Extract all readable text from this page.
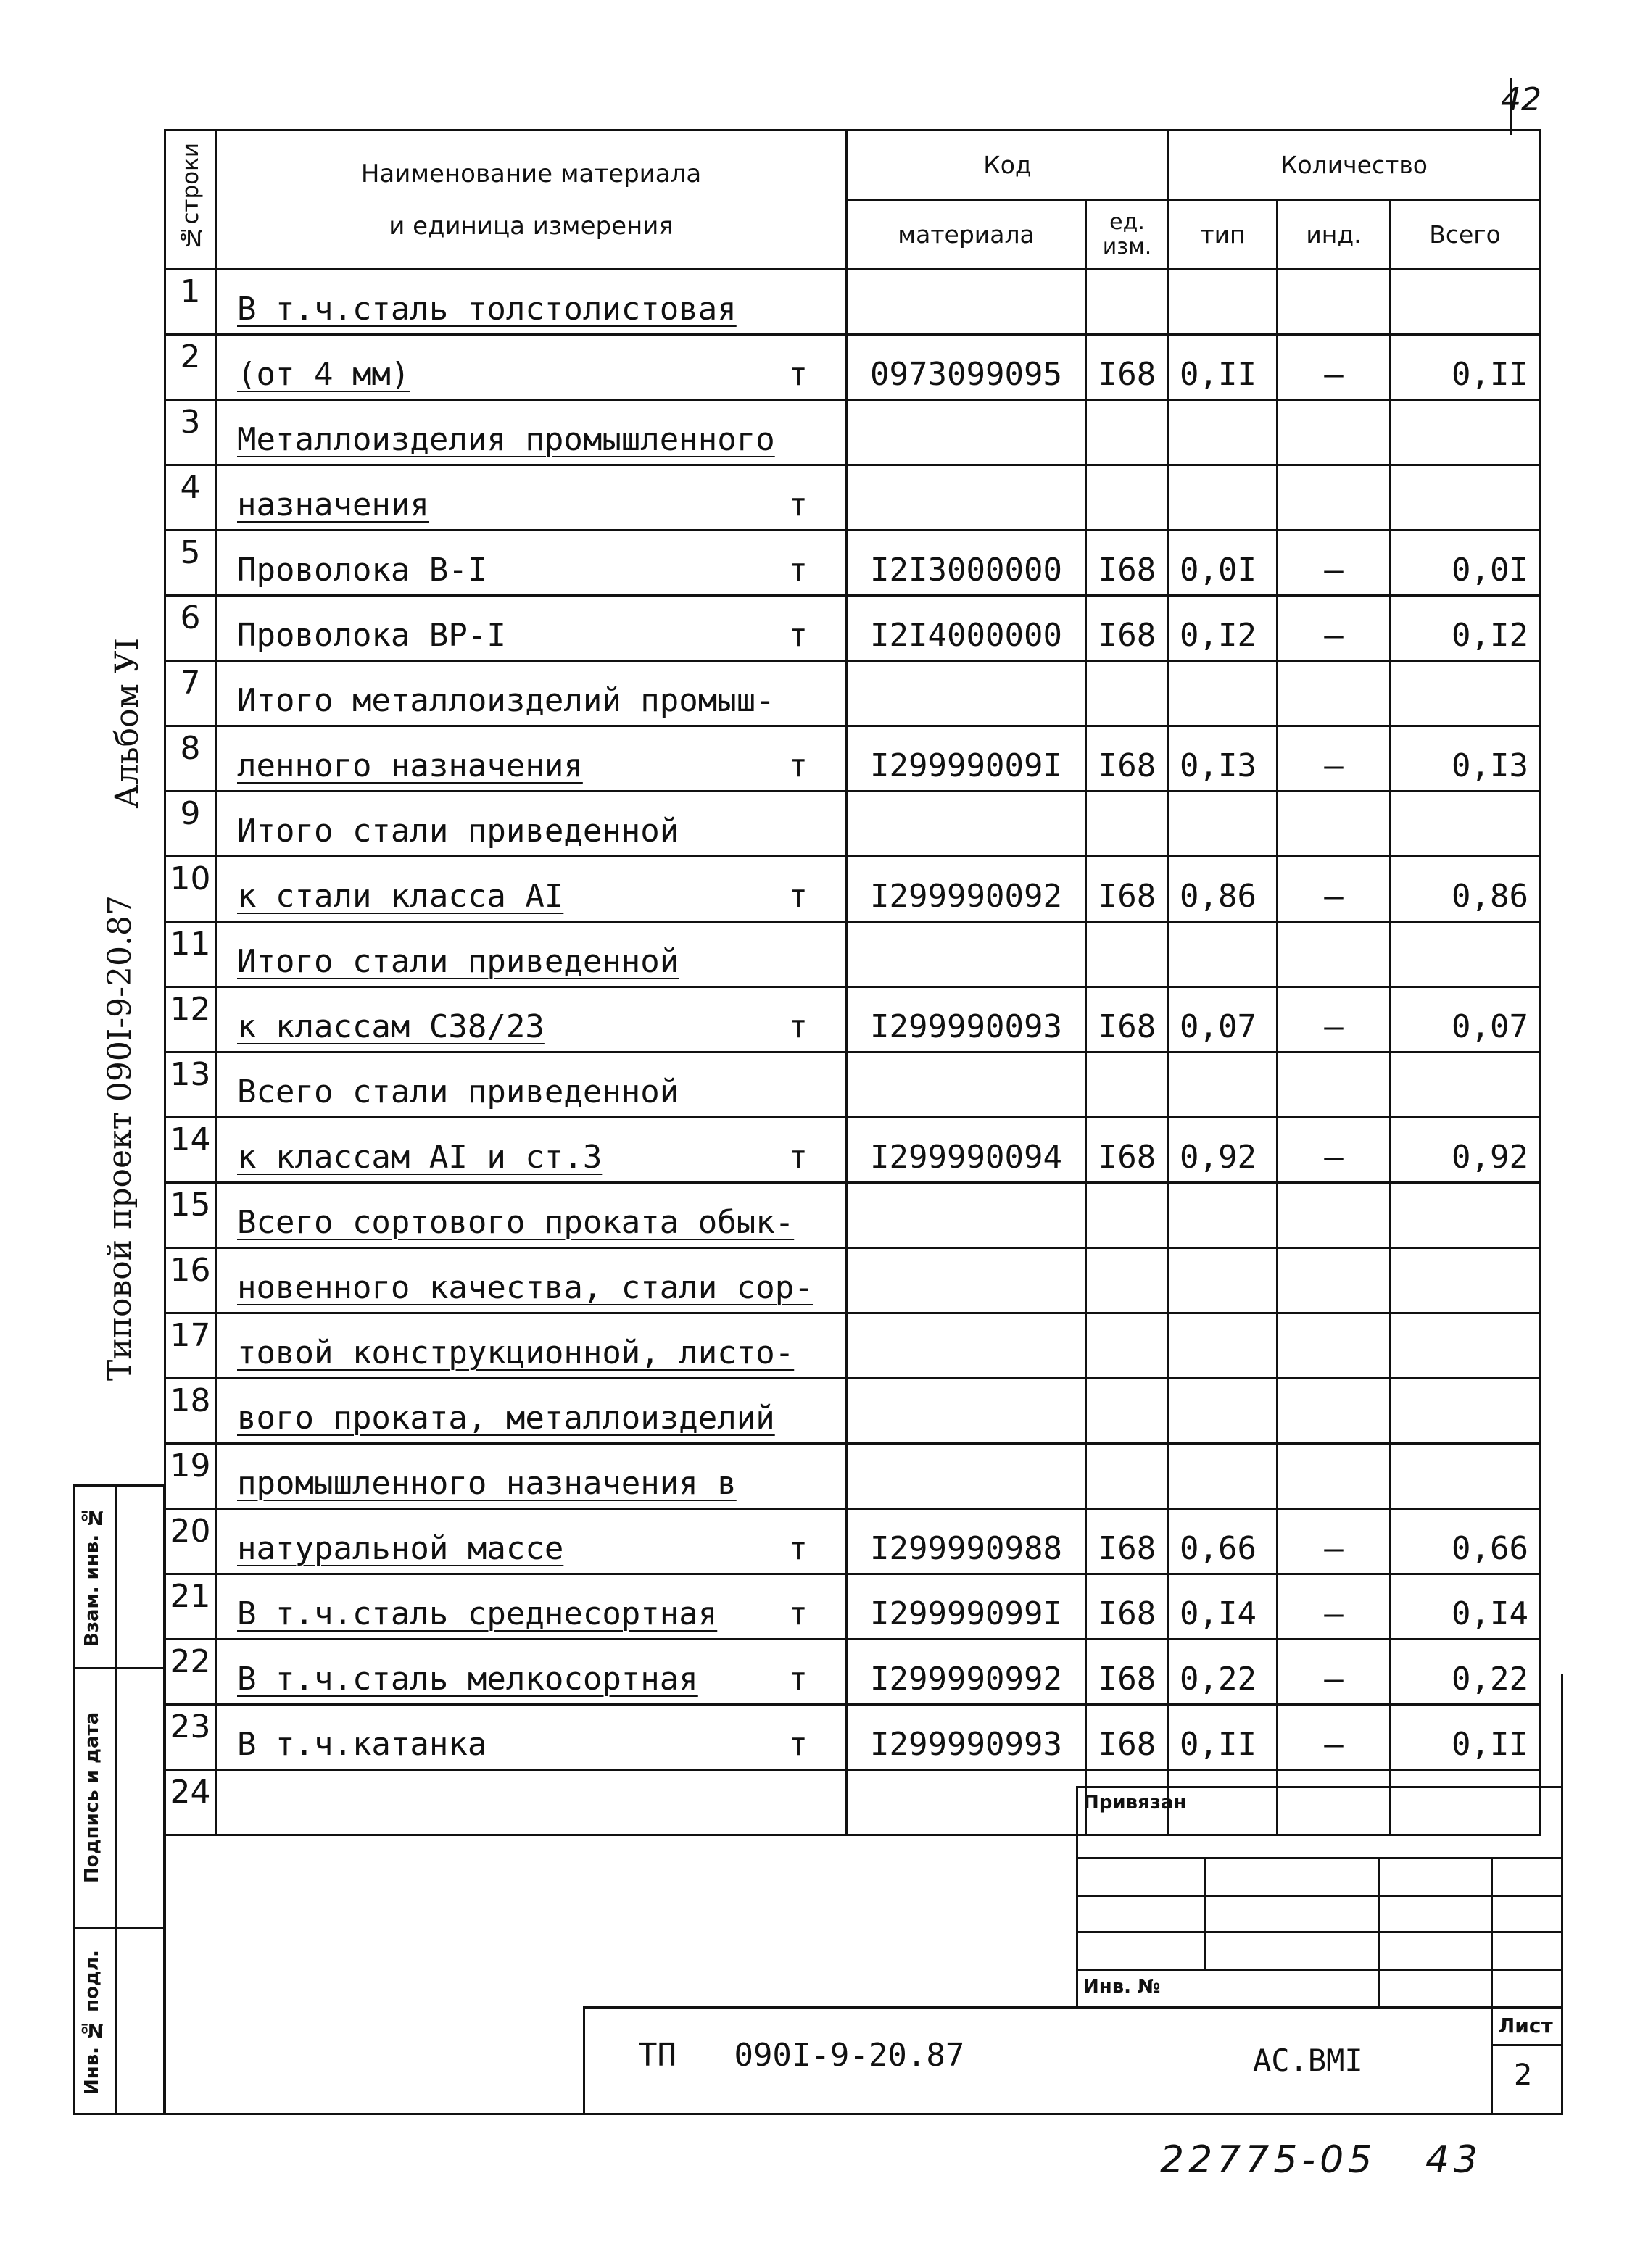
42
№строки	Наименование материала
и единица измерения	Код		Количество		
		материала	ед. изм.	тип	инд.	Всего
1	В т.ч.сталь толстолистовая					

2	(от 4 мм) т	0973099095	I68	0,II	–	0,II
3	Металлоизделия промышленного					

4	назначения т					

5	Проволока В-I т	I2I3000000	I68	0,0I	–	0,0I
6	Проволока ВР-I т	I2I4000000	I68	0,I2	–	0,I2
7	Итого металлоизделий промыш-					

8	ленного назначения т	I29999009I	I68	0,I3	–	0,I3
9	Итого стали приведенной					

10	к стали класса АI т	I299990092	I68	0,86	–	0,86
11	Итого стали приведенной					

12	к классам С38/23 т	I299990093	I68	0,07	–	0,07
13	Всего стали приведенной					

14	к классам АI и ст.3 т	I299990094	I68	0,92	–	0,92
15	Всего сортового проката обык-					

16	новенного качества, стали сор-					

17	товой конструкционной, листо-					

18	вого проката, металлоизделий					

19	промышленного назначения в					

20	натуральной массе т	I299990988	I68	0,66	–	0,66
21	В т.ч.сталь среднесортная т	I29999099I	I68	0,I4	–	0,I4
22	В т.ч.сталь мелкосортная т	I299990992	I68	0,22	–	0,22
23	В т.ч.катанка т	I299990993	I68	0,II	–	0,II
24	

Альбом УI
Типовой проект 090I-9-20.87
Взам. инв. №
Подпись и дата
Инв. № подл.
Привязан
Инв. №
ТП   090I-9-20.87	АС.ВМI
Лист
2
22775-05   43
